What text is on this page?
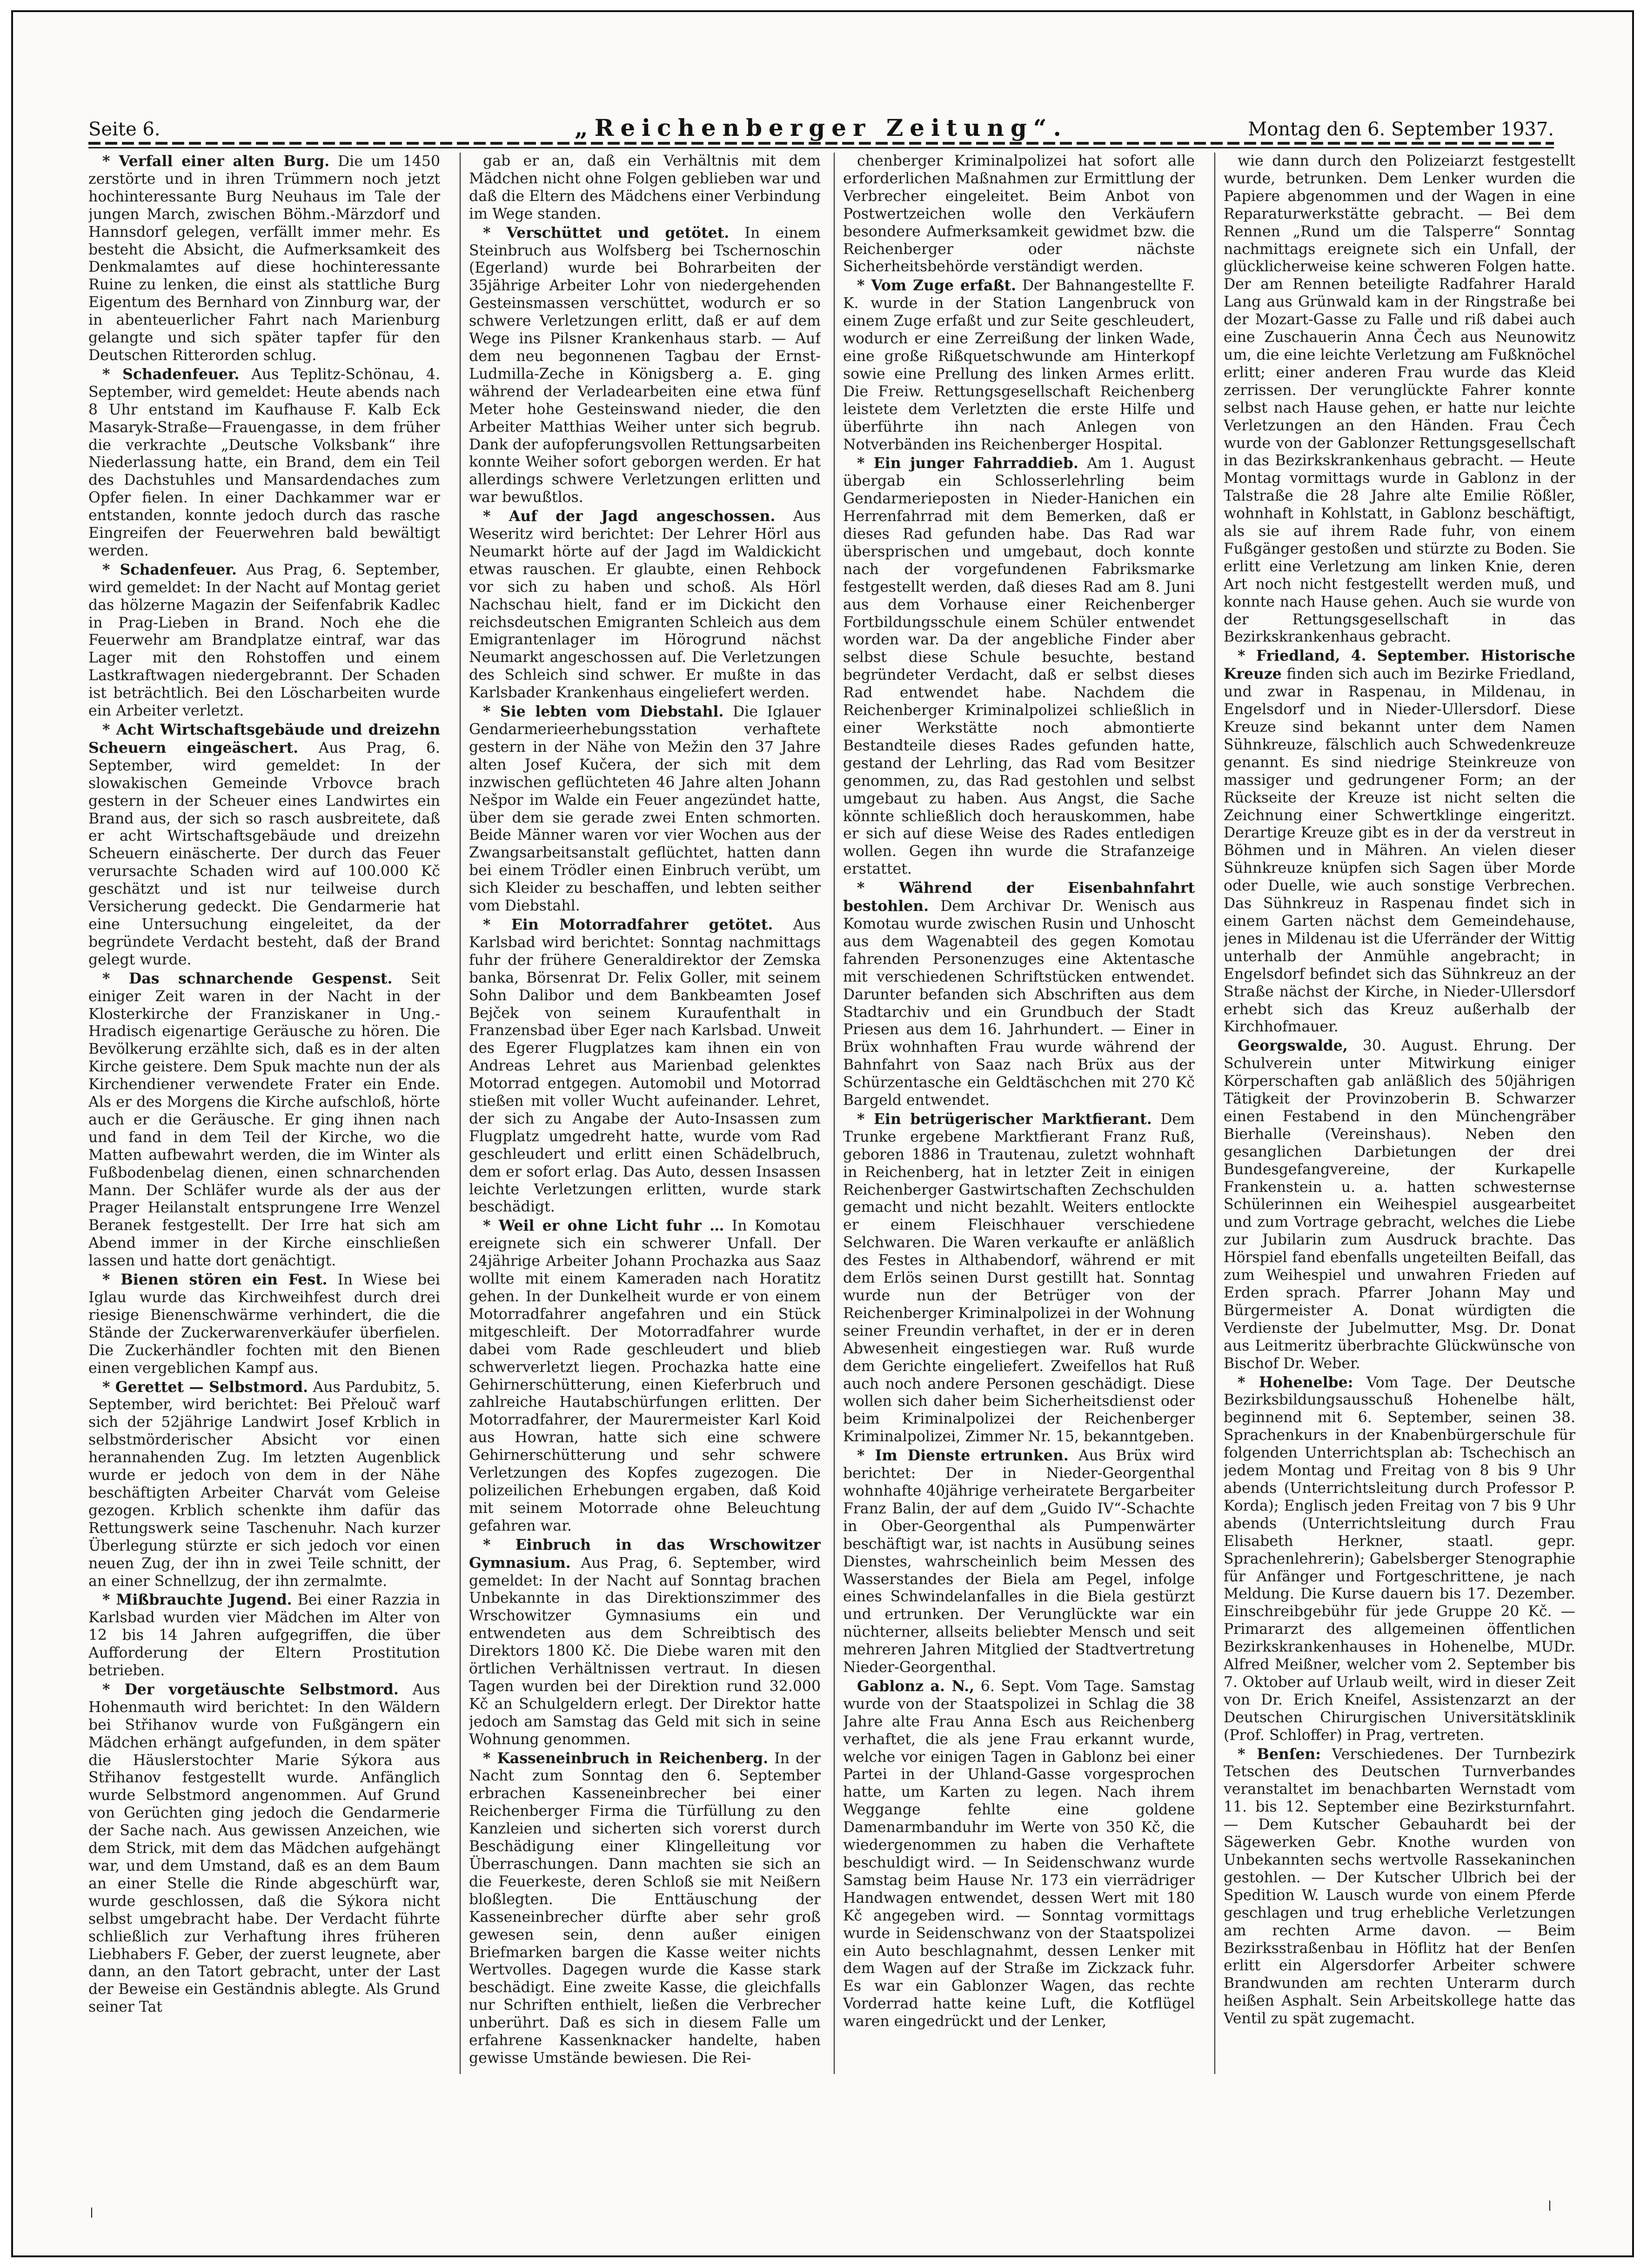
Seite 6.	„Reichenberger Zeitung“.	Montag den 6. September 1937.

* Verfall einer alten Burg. Die um 1450 zerstörte und in ihren Trümmern noch jetzt hochinteressante Burg Neuhaus im Tale der jungen March, zwischen Böhm.-Märzdorf und Hannsdorf gelegen, verfällt immer mehr. Es besteht die Absicht, die Aufmerksamkeit des Denkmalamtes auf diese hochinteressante Ruine zu lenken, die einst als stattliche Burg Eigentum des Bernhard von Zinnburg war, der in abenteuerlicher Fahrt nach Marienburg gelangte und sich später tapfer für den Deutschen Ritterorden schlug.

* Schadenfeuer. Aus Teplitz-Schönau, 4. September, wird gemeldet: Heute abends nach 8 Uhr entstand im Kaufhause F. Kalb Eck Masaryk-Straße—Frauengasse, in dem früher die verkrachte „Deutsche Volksbank“ ihre Niederlassung hatte, ein Brand, dem ein Teil des Dachstuhles und Mansardendaches zum Opfer fielen. In einer Dachkammer war er entstanden, konnte jedoch durch das rasche Eingreifen der Feuerwehren bald bewältigt werden.

* Schadenfeuer. Aus Prag, 6. September, wird gemeldet: In der Nacht auf Montag geriet das hölzerne Magazin der Seifenfabrik Kadlec in Prag-Lieben in Brand. Noch ehe die Feuerwehr am Brandplatze eintraf, war das Lager mit den Rohstoffen und einem Lastkraftwagen niedergebrannt. Der Schaden ist beträchtlich. Bei den Löscharbeiten wurde ein Arbeiter verletzt.

* Acht Wirtschaftsgebäude und dreizehn Scheuern eingeäschert. Aus Prag, 6. September, wird gemeldet: In der slowakischen Gemeinde Vrbovce brach gestern in der Scheuer eines Landwirtes ein Brand aus, der sich so rasch ausbreitete, daß er acht Wirtschaftsgebäude und dreizehn Scheuern einäscherte. Der durch das Feuer verursachte Schaden wird auf 100.000 Kč geschätzt und ist nur teilweise durch Versicherung gedeckt. Die Gendarmerie hat eine Untersuchung eingeleitet, da der begründete Verdacht besteht, daß der Brand gelegt wurde.

* Das schnarchende Gespenst. Seit einiger Zeit waren in der Nacht in der Klosterkirche der Franziskaner in Ung.-Hradisch eigenartige Geräusche zu hören. Die Bevölkerung erzählte sich, daß es in der alten Kirche geistere. Dem Spuk machte nun der als Kirchendiener verwendete Frater ein Ende. Als er des Morgens die Kirche aufschloß, hörte auch er die Geräusche. Er ging ihnen nach und fand in dem Teil der Kirche, wo die Matten aufbewahrt werden, die im Winter als Fußbodenbelag dienen, einen schnarchenden Mann. Der Schläfer wurde als der aus der Prager Heilanstalt entsprungene Irre Wenzel Beranek festgestellt. Der Irre hat sich am Abend immer in der Kirche einschließen lassen und hatte dort genächtigt.

* Bienen stören ein Fest. In Wiese bei Iglau wurde das Kirchweihfest durch drei riesige Bienenschwärme verhindert, die die Stände der Zuckerwarenverkäufer überfielen. Die Zuckerhändler fochten mit den Bienen einen vergeblichen Kampf aus.

* Gerettet — Selbstmord. Aus Pardubitz, 5. September, wird berichtet: Bei Přelouč warf sich der 52jährige Landwirt Josef Krblich in selbstmörderischer Absicht vor einen herannahenden Zug. Im letzten Augenblick wurde er jedoch von dem in der Nähe beschäftigten Arbeiter Charvát vom Geleise gezogen. Krblich schenkte ihm dafür das Rettungswerk seine Taschenuhr. Nach kurzer Überlegung stürzte er sich jedoch vor einen neuen Zug, der ihn in zwei Teile schnitt, der an einer Schnellzug, der ihn zermalmte.

* Mißbrauchte Jugend. Bei einer Razzia in Karlsbad wurden vier Mädchen im Alter von 12 bis 14 Jahren aufgegriffen, die über Aufforderung der Eltern Prostitution betrieben.

* Der vorgetäuschte Selbstmord. Aus Hohenmauth wird berichtet: In den Wäldern bei Střihanov wurde von Fußgängern ein Mädchen erhängt aufgefunden, in dem später die Häuslerstochter Marie Sýkora aus Střihanov festgestellt wurde. Anfänglich wurde Selbstmord angenommen. Auf Grund von Gerüchten ging jedoch die Gendarmerie der Sache nach. Aus gewissen Anzeichen, wie dem Strick, mit dem das Mädchen aufgehängt war, und dem Umstand, daß es an dem Baum an einer Stelle die Rinde abgeschürft war, wurde geschlossen, daß die Sýkora nicht selbst umgebracht habe. Der Verdacht führte schließlich zur Verhaftung ihres früheren Liebhabers F. Geber, der zuerst leugnete, aber dann, an den Tatort gebracht, unter der Last der Beweise ein Geständnis ablegte. Als Grund seiner Tat

gab er an, daß ein Verhältnis mit dem Mädchen nicht ohne Folgen geblieben war und daß die Eltern des Mädchens einer Verbindung im Wege standen.

* Verschüttet und getötet. In einem Steinbruch aus Wolfsberg bei Tschernoschin (Egerland) wurde bei Bohrarbeiten der 35jährige Arbeiter Lohr von niedergehenden Gesteinsmassen verschüttet, wodurch er so schwere Verletzungen erlitt, daß er auf dem Wege ins Pilsner Krankenhaus starb. — Auf dem neu begonnenen Tagbau der Ernst-Ludmilla-Zeche in Königsberg a. E. ging während der Verladearbeiten eine etwa fünf Meter hohe Gesteinswand nieder, die den Arbeiter Matthias Weiher unter sich begrub. Dank der aufopferungsvollen Rettungsarbeiten konnte Weiher sofort geborgen werden. Er hat allerdings schwere Verletzungen erlitten und war bewußtlos.

* Auf der Jagd angeschossen. Aus Weseritz wird berichtet: Der Lehrer Hörl aus Neumarkt hörte auf der Jagd im Waldickicht etwas rauschen. Er glaubte, einen Rehbock vor sich zu haben und schoß. Als Hörl Nachschau hielt, fand er im Dickicht den reichsdeutschen Emigranten Schleich aus dem Emigrantenlager im Hörogrund nächst Neumarkt angeschossen auf. Die Verletzungen des Schleich sind schwer. Er mußte in das Karlsbader Krankenhaus eingeliefert werden.

* Sie lebten vom Diebstahl. Die Iglauer Gendarmerieerhebungsstation verhaftete gestern in der Nähe von Mežin den 37 Jahre alten Josef Kučera, der sich mit dem inzwischen geflüchteten 46 Jahre alten Johann Nešpor im Walde ein Feuer angezündet hatte, über dem sie gerade zwei Enten schmorten. Beide Männer waren vor vier Wochen aus der Zwangsarbeitsanstalt geflüchtet, hatten dann bei einem Trödler einen Einbruch verübt, um sich Kleider zu beschaffen, und lebten seither vom Diebstahl.

* Ein Motorradfahrer getötet. Aus Karlsbad wird berichtet: Sonntag nachmittags fuhr der frühere Generaldirektor der Zemska banka, Börsenrat Dr. Felix Goller, mit seinem Sohn Dalibor und dem Bankbeamten Josef Bejček von seinem Kuraufenthalt in Franzensbad über Eger nach Karlsbad. Unweit des Egerer Flugplatzes kam ihnen ein von Andreas Lehret aus Marienbad gelenktes Motorrad entgegen. Automobil und Motorrad stießen mit voller Wucht aufeinander. Lehret, der sich zu Angabe der Auto-Insassen zum Flugplatz umgedreht hatte, wurde vom Rad geschleudert und erlitt einen Schädelbruch, dem er sofort erlag. Das Auto, dessen Insassen leichte Verletzungen erlitten, wurde stark beschädigt.

* Weil er ohne Licht fuhr … In Komotau ereignete sich ein schwerer Unfall. Der 24jährige Arbeiter Johann Prochazka aus Saaz wollte mit einem Kameraden nach Horatitz gehen. In der Dunkelheit wurde er von einem Motorradfahrer angefahren und ein Stück mitgeschleift. Der Motorradfahrer wurde dabei vom Rade geschleudert und blieb schwerverletzt liegen. Prochazka hatte eine Gehirnerschütterung, einen Kieferbruch und zahlreiche Hautabschürfungen erlitten. Der Motorradfahrer, der Maurermeister Karl Koid aus Howran, hatte sich eine schwere Gehirnerschütterung und sehr schwere Verletzungen des Kopfes zugezogen. Die polizeilichen Erhebungen ergaben, daß Koid mit seinem Motorrade ohne Beleuchtung gefahren war.

* Einbruch in das Wrschowitzer Gymnasium. Aus Prag, 6. September, wird gemeldet: In der Nacht auf Sonntag brachen Unbekannte in das Direktionszimmer des Wrschowitzer Gymnasiums ein und entwendeten aus dem Schreibtisch des Direktors 1800 Kč. Die Diebe waren mit den örtlichen Verhältnissen vertraut. In diesen Tagen wurden bei der Direktion rund 32.000 Kč an Schulgeldern erlegt. Der Direktor hatte jedoch am Samstag das Geld mit sich in seine Wohnung genommen.

* Kasseneinbruch in Reichenberg. In der Nacht zum Sonntag den 6. September erbrachen Kasseneinbrecher bei einer Reichenberger Firma die Türfüllung zu den Kanzleien und sicherten sich vorerst durch Beschädigung einer Klingelleitung vor Überraschungen. Dann machten sie sich an die Feuerkeste, deren Schloß sie mit Neißern bloßlegten. Die Enttäuschung der Kasseneinbrecher dürfte aber sehr groß gewesen sein, denn außer einigen Briefmarken bargen die Kasse weiter nichts Wertvolles. Dagegen wurde die Kasse stark beschädigt. Eine zweite Kasse, die gleichfalls nur Schriften enthielt, ließen die Verbrecher unberührt. Daß es sich in diesem Falle um erfahrene Kassenknacker handelte, haben gewisse Umstände bewiesen. Die Rei-

chenberger Kriminalpolizei hat sofort alle erforderlichen Maßnahmen zur Ermittlung der Verbrecher eingeleitet. Beim Anbot von Postwertzeichen wolle den Verkäufern besondere Aufmerksamkeit gewidmet bzw. die Reichenberger oder nächste Sicherheitsbehörde verständigt werden.

* Vom Zuge erfaßt. Der Bahnangestellte F. K. wurde in der Station Langenbruck von einem Zuge erfaßt und zur Seite geschleudert, wodurch er eine Zerreißung der linken Wade, eine große Rißquetschwunde am Hinterkopf sowie eine Prellung des linken Armes erlitt. Die Freiw. Rettungsgesellschaft Reichenberg leistete dem Verletzten die erste Hilfe und überführte ihn nach Anlegen von Notverbänden ins Reichenberger Hospital.

* Ein junger Fahrraddieb. Am 1. August übergab ein Schlosserlehrling beim Gendarmerieposten in Nieder-Hanichen ein Herrenfahrrad mit dem Bemerken, daß er dieses Rad gefunden habe. Das Rad war übersprischen und umgebaut, doch konnte nach der vorgefundenen Fabriksmarke festgestellt werden, daß dieses Rad am 8. Juni aus dem Vorhause einer Reichenberger Fortbildungsschule einem Schüler entwendet worden war. Da der angebliche Finder aber selbst diese Schule besuchte, bestand begründeter Verdacht, daß er selbst dieses Rad entwendet habe. Nachdem die Reichenberger Kriminalpolizei schließlich in einer Werkstätte noch abmontierte Bestandteile dieses Rades gefunden hatte, gestand der Lehrling, das Rad vom Besitzer genommen, zu, das Rad gestohlen und selbst umgebaut zu haben. Aus Angst, die Sache könnte schließlich doch herauskommen, habe er sich auf diese Weise des Rades entledigen wollen. Gegen ihn wurde die Strafanzeige erstattet.

* Während der Eisenbahnfahrt bestohlen. Dem Archivar Dr. Wenisch aus Komotau wurde zwischen Rusin und Unhoscht aus dem Wagenabteil des gegen Komotau fahrenden Personenzuges eine Aktentasche mit verschiedenen Schriftstücken entwendet. Darunter befanden sich Abschriften aus dem Stadtarchiv und ein Grundbuch der Stadt Priesen aus dem 16. Jahrhundert. — Einer in Brüx wohnhaften Frau wurde während der Bahnfahrt von Saaz nach Brüx aus der Schürzentasche ein Geldtäschchen mit 270 Kč Bargeld entwendet.

* Ein betrügerischer Marktfierant. Dem Trunke ergebene Marktfierant Franz Ruß, geboren 1886 in Trautenau, zuletzt wohnhaft in Reichenberg, hat in letzter Zeit in einigen Reichenberger Gastwirtschaften Zechschulden gemacht und nicht bezahlt. Weiters entlockte er einem Fleischhauer verschiedene Selchwaren. Die Waren verkaufte er anläßlich des Festes in Althabendorf, während er mit dem Erlös seinen Durst gestillt hat. Sonntag wurde nun der Betrüger von der Reichenberger Kriminalpolizei in der Wohnung seiner Freundin verhaftet, in der er in deren Abwesenheit eingestiegen war. Ruß wurde dem Gerichte eingeliefert. Zweifellos hat Ruß auch noch andere Personen geschädigt. Diese wollen sich daher beim Sicherheitsdienst oder beim Kriminalpolizei der Reichenberger Kriminalpolizei, Zimmer Nr. 15, bekanntgeben.

* Im Dienste ertrunken. Aus Brüx wird berichtet: Der in Nieder-Georgenthal wohnhafte 40jährige verheiratete Bergarbeiter Franz Balin, der auf dem „Guido IV“-Schachte in Ober-Georgenthal als Pumpenwärter beschäftigt war, ist nachts in Ausübung seines Dienstes, wahrscheinlich beim Messen des Wasserstandes der Biela am Pegel, infolge eines Schwindelanfalles in die Biela gestürzt und ertrunken. Der Verunglückte war ein nüchterner, allseits beliebter Mensch und seit mehreren Jahren Mitglied der Stadtvertretung Nieder-Georgenthal.

Gablonz a. N., 6. Sept. Vom Tage. Samstag wurde von der Staatspolizei in Schlag die 38 Jahre alte Frau Anna Esch aus Reichenberg verhaftet, die als jene Frau erkannt wurde, welche vor einigen Tagen in Gablonz bei einer Partei in der Uhland-Gasse vorgesprochen hatte, um Karten zu legen. Nach ihrem Weggange fehlte eine goldene Damenarmbanduhr im Werte von 350 Kč, die wiedergenommen zu haben die Verhaftete beschuldigt wird. — In Seidenschwanz wurde Samstag beim Hause Nr. 173 ein vierrädriger Handwagen entwendet, dessen Wert mit 180 Kč angegeben wird. — Sonntag vormittags wurde in Seidenschwanz von der Staatspolizei ein Auto beschlagnahmt, dessen Lenker mit dem Wagen auf der Straße im Zickzack fuhr. Es war ein Gablonzer Wagen, das rechte Vorderrad hatte keine Luft, die Kotflügel waren eingedrückt und der Lenker,

wie dann durch den Polizeiarzt festgestellt wurde, betrunken. Dem Lenker wurden die Papiere abgenommen und der Wagen in eine Reparaturwerkstätte gebracht. — Bei dem Rennen „Rund um die Talsperre“ Sonntag nachmittags ereignete sich ein Unfall, der glücklicherweise keine schweren Folgen hatte. Der am Rennen beteiligte Radfahrer Harald Lang aus Grünwald kam in der Ringstraße bei der Mozart-Gasse zu Falle und riß dabei auch eine Zuschauerin Anna Čech aus Neunowitz um, die eine leichte Verletzung am Fußknöchel erlitt; einer anderen Frau wurde das Kleid zerrissen. Der verunglückte Fahrer konnte selbst nach Hause gehen, er hatte nur leichte Verletzungen an den Händen. Frau Čech wurde von der Gablonzer Rettungsgesellschaft in das Bezirkskrankenhaus gebracht. — Heute Montag vormittags wurde in Gablonz in der Talstraße die 28 Jahre alte Emilie Rößler, wohnhaft in Kohlstatt, in Gablonz beschäftigt, als sie auf ihrem Rade fuhr, von einem Fußgänger gestoßen und stürzte zu Boden. Sie erlitt eine Verletzung am linken Knie, deren Art noch nicht festgestellt werden muß, und konnte nach Hause gehen. Auch sie wurde von der Rettungsgesellschaft in das Bezirkskrankenhaus gebracht.

* Friedland, 4. September. Historische Kreuze finden sich auch im Bezirke Friedland, und zwar in Raspenau, in Mildenau, in Engelsdorf und in Nieder-Ullersdorf. Diese Kreuze sind bekannt unter dem Namen Sühnkreuze, fälschlich auch Schwedenkreuze genannt. Es sind niedrige Steinkreuze von massiger und gedrungener Form; an der Rückseite der Kreuze ist nicht selten die Zeichnung einer Schwertklinge eingeritzt. Derartige Kreuze gibt es in der da verstreut in Böhmen und in Mähren. An vielen dieser Sühnkreuze knüpfen sich Sagen über Morde oder Duelle, wie auch sonstige Verbrechen. Das Sühnkreuz in Raspenau findet sich in einem Garten nächst dem Gemeindehause, jenes in Mildenau ist die Uferränder der Wittig unterhalb der Anmühle angebracht; in Engelsdorf befindet sich das Sühnkreuz an der Straße nächst der Kirche, in Nieder-Ullersdorf erhebt sich das Kreuz außerhalb der Kirchhofmauer.

Georgswalde, 30. August. Ehrung. Der Schulverein unter Mitwirkung einiger Körperschaften gab anläßlich des 50jährigen Tätigkeit der Provinzoberin B. Schwarzer einen Festabend in den Münchengräber Bierhalle (Vereinshaus). Neben den gesanglichen Darbietungen der drei Bundesgefangvereine, der Kurkapelle Frankenstein u. a. hatten schwesternse Schülerinnen ein Weihespiel ausgearbeitet und zum Vortrage gebracht, welches die Liebe zur Jubilarin zum Ausdruck brachte. Das Hörspiel fand ebenfalls ungeteilten Beifall, das zum Weihespiel und unwahren Frieden auf Erden sprach. Pfarrer Johann May und Bürgermeister A. Donat würdigten die Verdienste der Jubelmutter, Msg. Dr. Donat aus Leitmeritz überbrachte Glückwünsche von Bischof Dr. Weber.

* Hohenelbe: Vom Tage. Der Deutsche Bezirksbildungsausschuß Hohenelbe hält, beginnend mit 6. September, seinen 38. Sprachenkurs in der Knabenbürgerschule für folgenden Unterrichtsplan ab: Tschechisch an jedem Montag und Freitag von 8 bis 9 Uhr abends (Unterrichtsleitung durch Professor P. Korda); Englisch jeden Freitag von 7 bis 9 Uhr abends (Unterrichtsleitung durch Frau Elisabeth Herkner, staatl. gepr. Sprachenlehrerin); Gabelsberger Stenographie für Anfänger und Fortgeschrittene, je nach Meldung. Die Kurse dauern bis 17. Dezember. Einschreibgebühr für jede Gruppe 20 Kč. — Primararzt des allgemeinen öffentlichen Bezirkskrankenhauses in Hohenelbe, MUDr. Alfred Meißner, welcher vom 2. September bis 7. Oktober auf Urlaub weilt, wird in dieser Zeit von Dr. Erich Kneifel, Assistenzarzt an der Deutschen Chirurgischen Universitätsklinik (Prof. Schloffer) in Prag, vertreten.

* Benſen: Verschiedenes. Der Turnbezirk Tetschen des Deutschen Turnverbandes veranstaltet im benachbarten Wernstadt vom 11. bis 12. September eine Bezirksturnfahrt. — Dem Kutscher Gebauhardt bei der Sägewerken Gebr. Knothe wurden von Unbekannten sechs wertvolle Rassekaninchen gestohlen. — Der Kutscher Ulbrich bei der Spedition W. Lausch wurde von einem Pferde geschlagen und trug erhebliche Verletzungen am rechten Arme davon. — Beim Bezirksstraßenbau in Höflitz hat der Benſen erlitt ein Algersdorfer Arbeiter schwere Brandwunden am rechten Unterarm durch heißen Asphalt. Sein Arbeitskollege hatte das Ventil zu spät zugemacht.
